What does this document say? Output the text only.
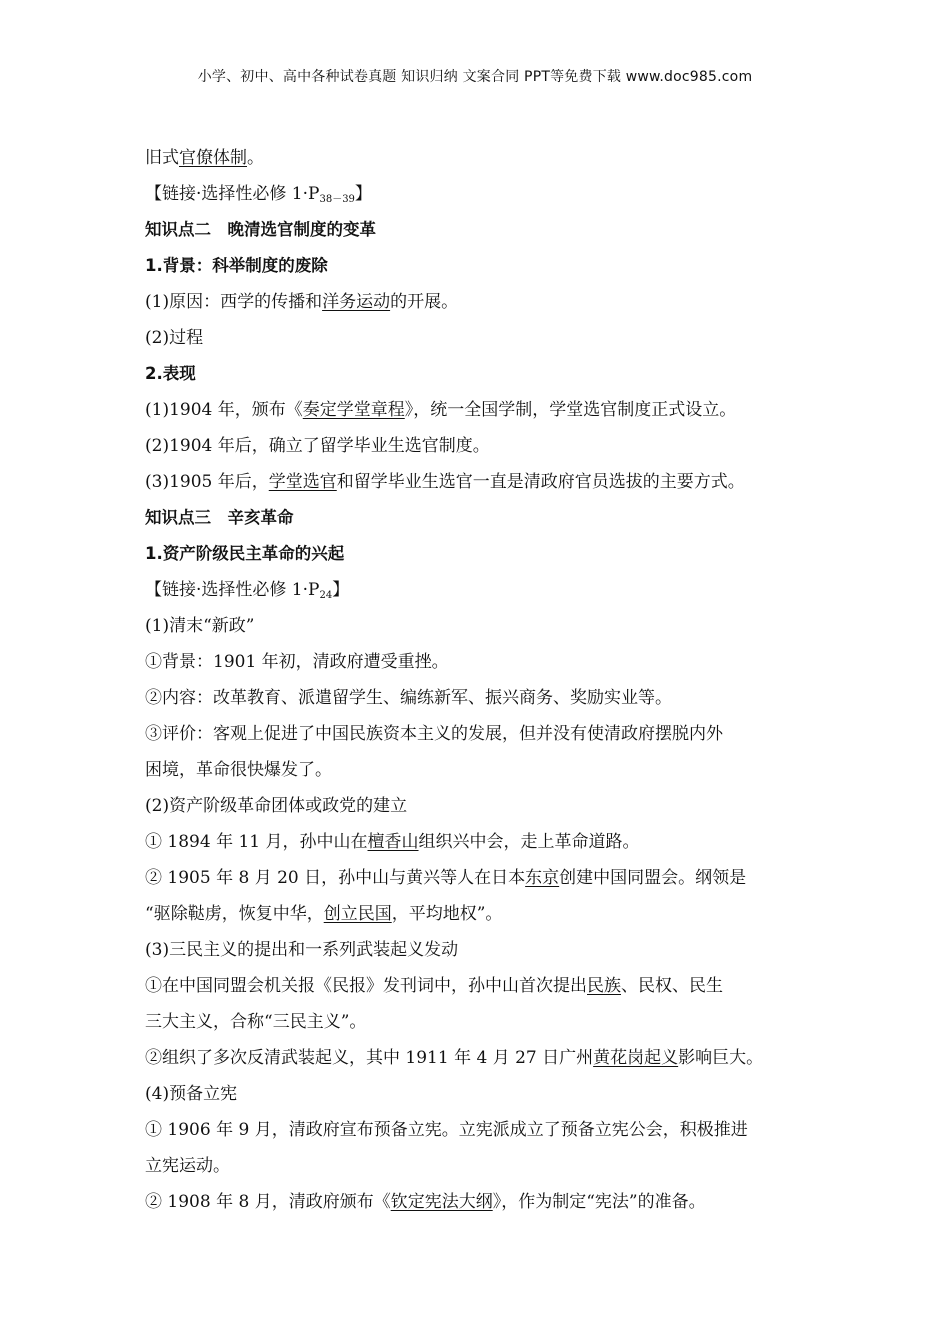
小学、初中、高中各种试卷真题 知识归纳 文案合同 PPT等免费下载 www.doc985.com
旧式官僚体制。
【链接·选择性必修 $1\cdot P_{38-39}$】
知识点二　晚清选官制度的变革
1.背景：科举制度的废除
(1)原因：西学的传播和洋务运动的开展。
(2)过程
2.表现
(1)1904 年，颁布《奏定学堂章程》，统一全国学制，学堂选官制度正式设立。
(2)1904 年后，确立了留学毕业生选官制度。
(3)1905 年后，学堂选官和留学毕业生选官一直是清政府官员选拔的主要方式。
知识点三　辛亥革命
1.资产阶级民主革命的兴起
【链接·选择性必修 $1\cdot P_{24}$】
(1)清末“新政”
①背景：1901 年初，清政府遭受重挫。
②内容：改革教育、派遣留学生、编练新军、振兴商务、奖励实业等。
③评价：客观上促进了中国民族资本主义的发展，但并没有使清政府摆脱内外
困境，革命很快爆发了。
(2)资产阶级革命团体或政党的建立
① 1894 年 11 月，孙中山在檀香山组织兴中会，走上革命道路。
② 1905 年 8 月 20 日，孙中山与黄兴等人在日本东京创建中国同盟会。纲领是
“驱除鞑虏，恢复中华，创立民国，平均地权”。
(3)三民主义的提出和一系列武装起义发动
①在中国同盟会机关报《民报》发刊词中，孙中山首次提出民族、民权、民生
三大主义，合称“三民主义”。
②组织了多次反清武装起义，其中 1911 年 4 月 27 日广州黄花岗起义影响巨大。
(4)预备立宪
① 1906 年 9 月，清政府宣布预备立宪。立宪派成立了预备立宪公会，积极推进
立宪运动。
② 1908 年 8 月，清政府颁布《钦定宪法大纲》，作为制定“宪法”的准备。
